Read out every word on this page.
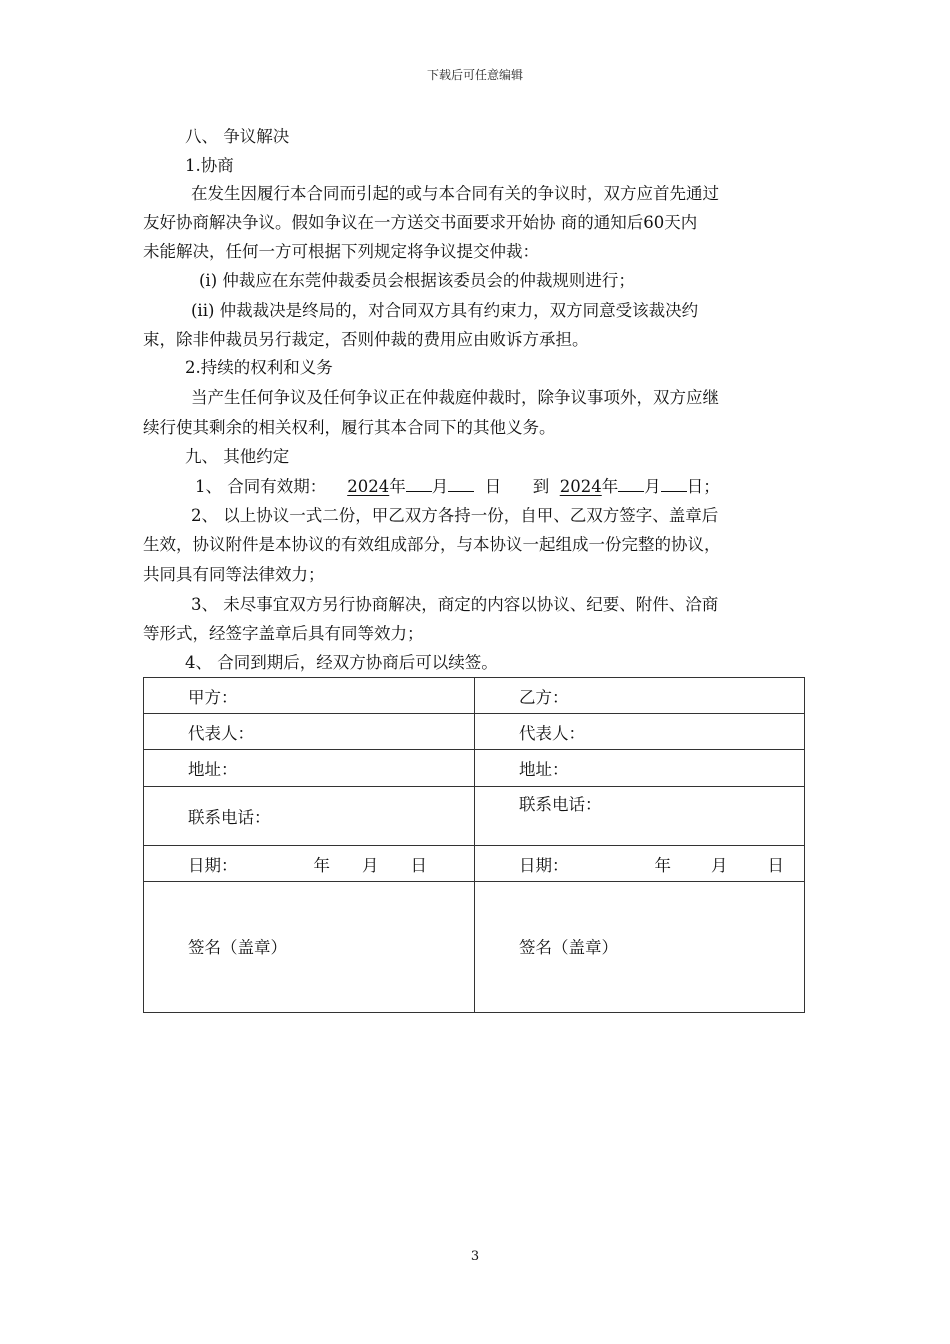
下载后可任意编辑
八、 争议解决
1.协商
在发生因履行本合同而引起的或与本合同有关的争议时，双方应首先通过
友好协商解决争议。假如争议在一方送交书面要求开始协 商的通知后60天内
未能解决，任何一方可根据下列规定将争议提交仲裁：
(i) 仲裁应在东莞仲裁委员会根据该委员会的仲裁规则进行；
(ii) 仲裁裁决是终局的，对合同双方具有约束力，双方同意受该裁决约
束，除非仲裁员另行裁定，否则仲裁的费用应由败诉方承担。
2.持续的权利和义务
当产生任何争议及任何争议正在仲裁庭仲裁时，除争议事项外，双方应继
续行使其剩余的相关权利，履行其本合同下的其他义务。
九、 其他约定
1、 合同有效期： 2024年 月 日 到 2024年 月 日；
2、 以上协议一式二份，甲乙双方各持一份，自甲、乙双方签字、盖章后
生效，协议附件是本协议的有效组成部分，与本协议一起组成一份完整的协议，
共同具有同等法律效力；
3、 未尽事宜双方另行协商解决，商定的内容以协议、纪要、附件、洽商
等形式，经签字盖章后具有同等效力；
4、 合同到期后，经双方协商后可以续签。
甲方：	乙方：
代表人：	代表人：
地址：	地址：
联系电话：	联系电话：
日期： 年 月 日	日期： 年 月 日
签名（盖章）	签名（盖章）
3
